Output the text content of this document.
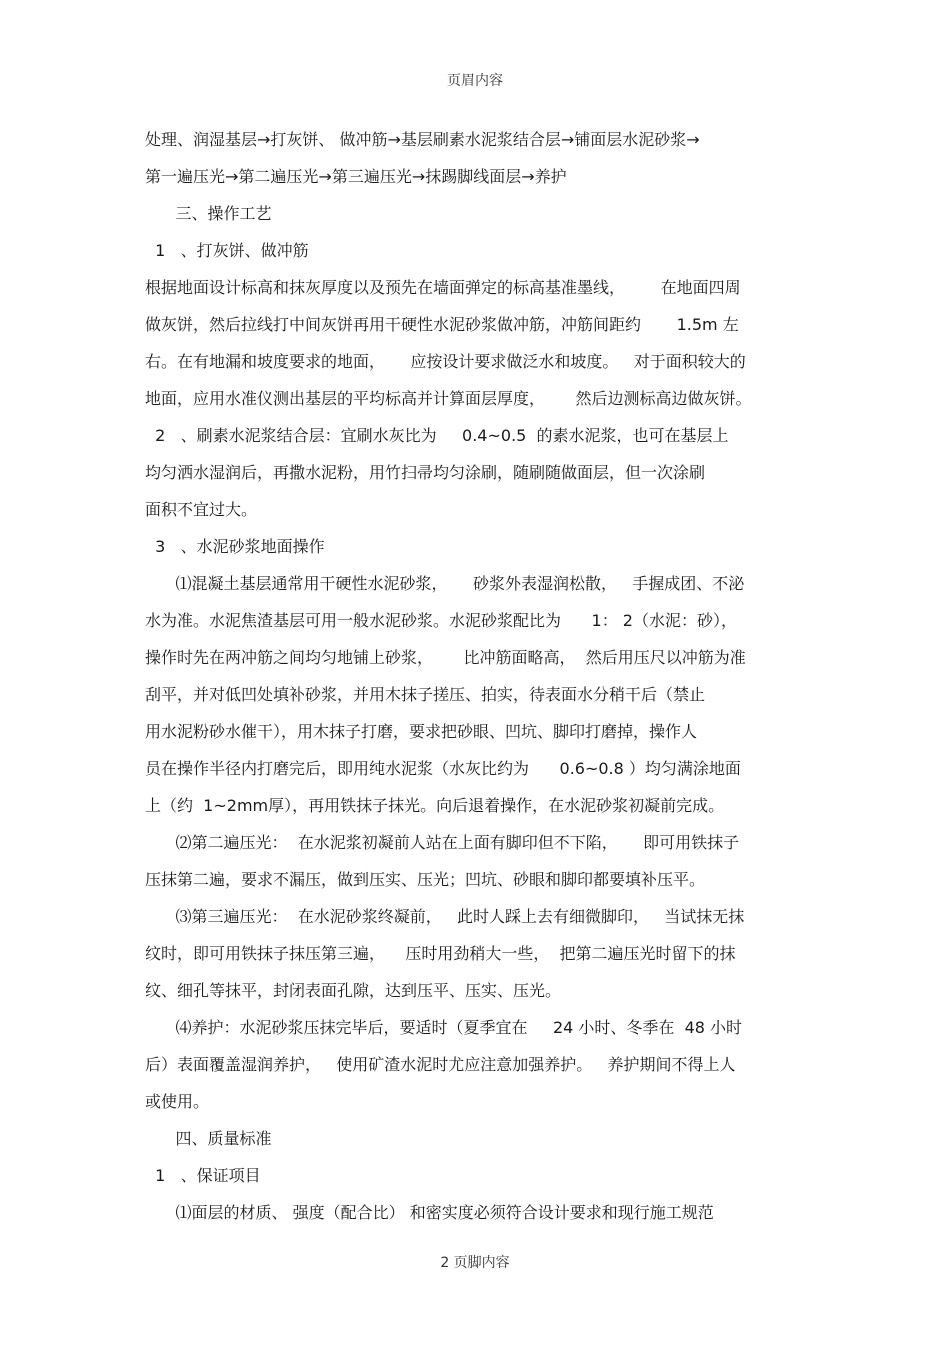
页眉内容
处理、润湿基层→打灰饼、 做冲筋→基层刷素水泥浆结合层→铺面层水泥砂浆→
第一遍压光→第二遍压光→第三遍压光→抹踢脚线面层→养护
三、操作工艺
1   、打灰饼、做冲筋
根据地面设计标高和抹灰厚度以及预先在墙面弹定的标高基准墨线，       在地面四周
做灰饼，然后拉线打中间灰饼再用干硬性水泥砂浆做冲筋，冲筋间距约       1.5m 左
右。在有地漏和坡度要求的地面，     应按设计要求做泛水和坡度。   对于面积较大的
地面，应用水准仪测出基层的平均标高并计算面层厚度，      然后边测标高边做灰饼。
2   、刷素水泥浆结合层：宜刷水灰比为     0.4~0.5  的素水泥浆，也可在基层上
均匀洒水湿润后，再撒水泥粉，用竹扫帚均匀涂刷，随刷随做面层，但一次涂刷
面积不宜过大。
3   、水泥砂浆地面操作
⑴混凝土基层通常用干硬性水泥砂浆，     砂浆外表湿润松散，   手握成团、不泌
水为准。水泥焦渣基层可用一般水泥砂浆。水泥砂浆配比为      1： 2（水泥：砂），
操作时先在两冲筋之间均匀地铺上砂浆，      比冲筋面略高，  然后用压尺以冲筋为准
刮平，并对低凹处填补砂浆，并用木抹子搓压、拍实，待表面水分稍干后（禁止
用水泥粉砂水催干），用木抹子打磨，要求把砂眼、凹坑、脚印打磨掉，操作人
员在操作半径内打磨完后，即用纯水泥浆（水灰比约为      0.6~0.8 ）均匀满涂地面
上（约  1~2mm厚），再用铁抹子抹光。向后退着操作，在水泥砂浆初凝前完成。
⑵第二遍压光：  在水泥浆初凝前人站在上面有脚印但不下陷，     即可用铁抹子
压抹第二遍，要求不漏压，做到压实、压光；凹坑、砂眼和脚印都要填补压平。
⑶第三遍压光：  在水泥砂浆终凝前，   此时人踩上去有细微脚印，   当试抹无抹
纹时，即可用铁抹子抹压第三遍，    压时用劲稍大一些，  把第二遍压光时留下的抹
纹、细孔等抹平，封闭表面孔隙，达到压平、压实、压光。
⑷养护：水泥砂浆压抹完毕后，要适时（夏季宜在     24 小时、冬季在  48 小时
后）表面覆盖湿润养护，   使用矿渣水泥时尤应注意加强养护。   养护期间不得上人
或使用。
四、质量标准
1   、保证项目
⑴面层的材质、 强度（配合比） 和密实度必须符合设计要求和现行施工规范
2 页脚内容
